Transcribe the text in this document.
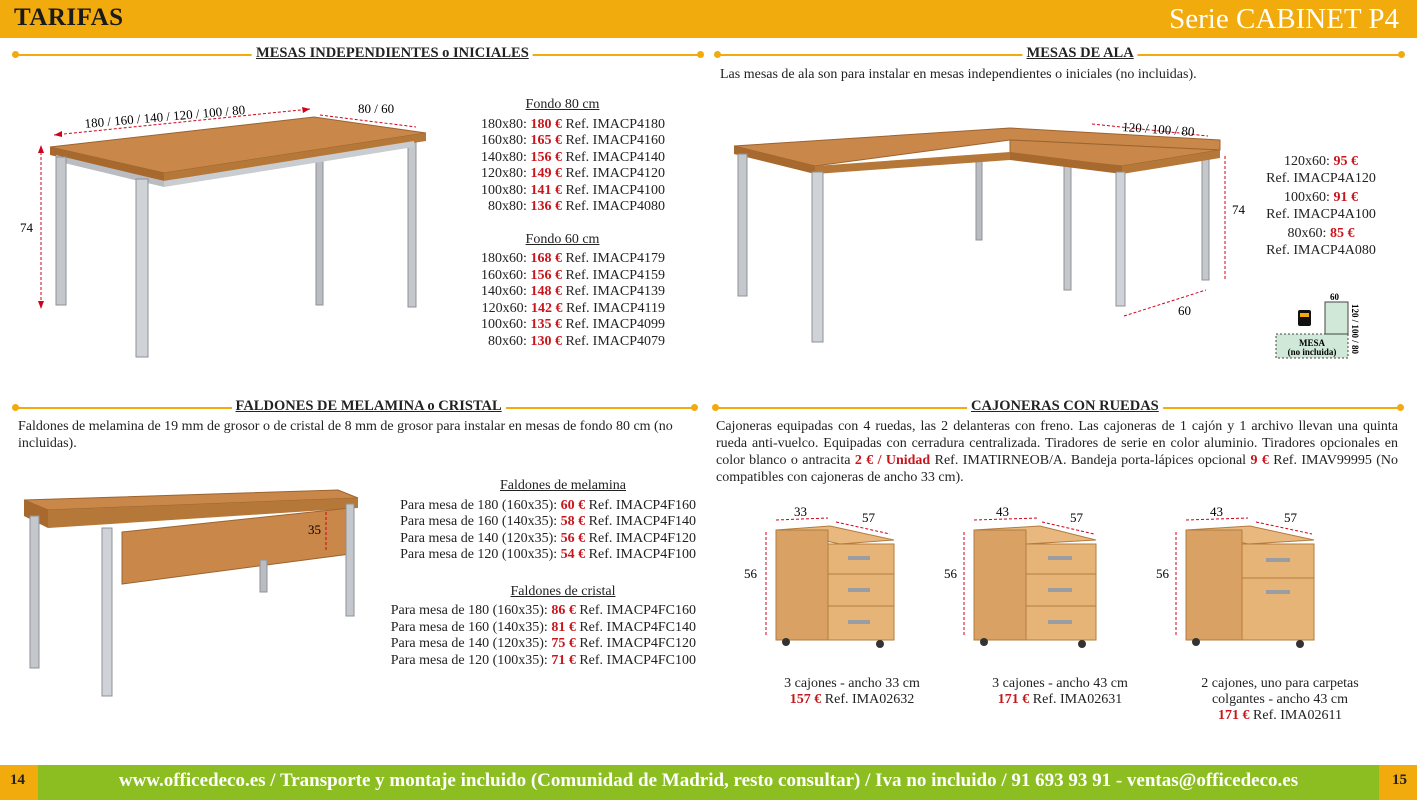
TARIFAS	Serie CABINET P4
MESAS INDEPENDIENTES o INICIALES	MESAS DE ALA
FALDONES DE MELAMINA o CRISTAL	CAJONERAS CON RUEDAS
180 / 160 / 140 / 120 / 100 / 80	80 / 60
74
Fondo 80 cm
180x80: 180 € Ref. IMACP4180
160x80: 165 € Ref. IMACP4160
140x80: 156 € Ref. IMACP4140
120x80: 149 € Ref. IMACP4120
100x80: 141 € Ref. IMACP4100
80x80: 136 € Ref. IMACP4080
Fondo 60 cm
180x60: 168 € Ref. IMACP4179
160x60: 156 € Ref. IMACP4159
140x60: 148 € Ref. IMACP4139
120x60: 142 € Ref. IMACP4119
100x60: 135 € Ref. IMACP4099
80x60: 130 € Ref. IMACP4079
Las mesas de ala son para instalar en mesas independientes o iniciales (no incluidas).
120 / 100 / 80
74
60
120x60: 95 €
Ref. IMACP4A120
100x60: 91 €
Ref. IMACP4A100
80x60: 85 €
Ref. IMACP4A080
60
120 / 100 / 80
MESA
(no incluida)
Faldones de melamina de 19 mm de grosor o de cristal de 8 mm de grosor para instalar en mesas de fondo 80 cm (no incluidas).
35
Faldones de melamina
Para mesa de 180 (160x35): 60 € Ref. IMACP4F160
Para mesa de 160 (140x35): 58 € Ref. IMACP4F140
Para mesa de 140 (120x35): 56 € Ref. IMACP4F120
Para mesa de 120 (100x35): 54 € Ref. IMACP4F100
Faldones de cristal
Para mesa de 180 (160x35): 86 € Ref. IMACP4FC160
Para mesa de 160 (140x35): 81 € Ref. IMACP4FC140
Para mesa de 140 (120x35): 75 € Ref. IMACP4FC120
Para mesa de 120 (100x35): 71 € Ref. IMACP4FC100
Cajoneras equipadas con 4 ruedas, las 2 delanteras con freno. Las cajoneras de 1 cajón y 1 archivo llevan una quinta rueda anti-vuelco. Equipadas con cerradura centralizada. Tiradores de serie en color aluminio. Tiradores opcionales en color blanco o antracita 2 € / Unidad Ref. IMATIRNEOB/A. Bandeja porta-lápices opcional 9 € Ref. IMAV99995 (No compatibles con cajoneras de ancho 33 cm).
33	57
56
43	57
56
43	57
56
3 cajones - ancho 33 cm
157 € Ref. IMA02632
3 cajones - ancho 43 cm
171 € Ref. IMA02631
2 cajones, uno para carpetas
colgantes - ancho 43 cm
171 € Ref. IMA02611
14	15
www.officedeco.es / Transporte y montaje incluido (Comunidad de Madrid, resto consultar) / Iva no incluido / 91 693 93 91 - ventas@officedeco.es
